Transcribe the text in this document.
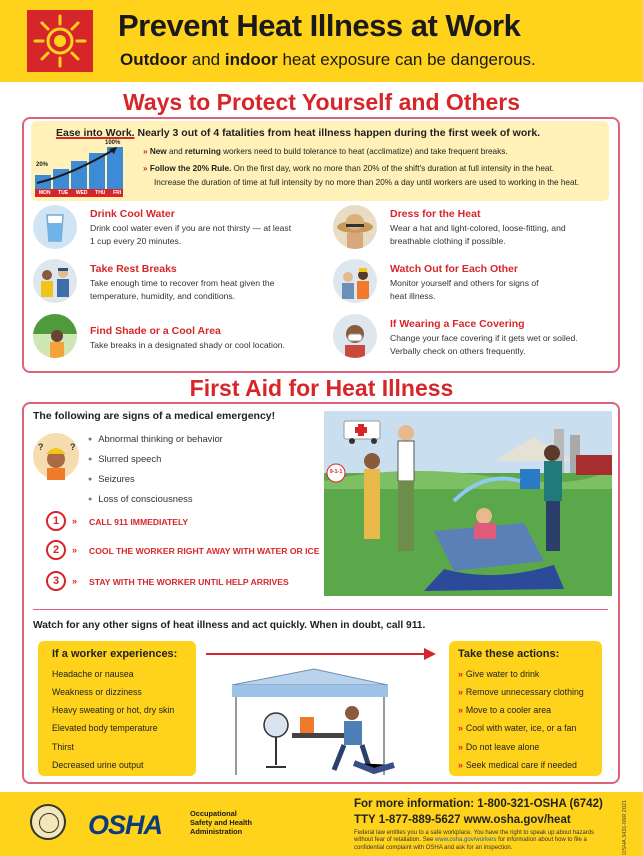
Prevent Heat Illness at Work
Outdoor and indoor heat exposure can be dangerous.
Ways to Protect Yourself and Others
Ease into Work. Nearly 3 out of 4 fatalities from heat illness happen during the first week of work.
20%
100%
MON TUE WED THU FRI
» New and returning workers need to build tolerance to heat (acclimatize) and take frequent breaks.
» Follow the 20% Rule. On the first day, work no more than 20% of the shift's duration at full intensity in the heat.
Increase the duration of time at full intensity by no more than 20% a day until workers are used to working in the heat.
Drink Cool Water
Drink cool water even if you are not thirsty — at least
1 cup every 20 minutes.
Dress for the Heat
Wear a hat and light-colored, loose-fitting, and
breathable clothing if possible.
Take Rest Breaks
Take enough time to recover from heat given the
temperature, humidity, and conditions.
Watch Out for Each Other
Monitor yourself and others for signs of
heat illness.
Find Shade or a Cool Area
Take breaks in a designated shady or cool location.
If Wearing a Face Covering
Change your face covering if it gets wet or soiled.
Verbally check on others frequently.
First Aid for Heat Illness
The following are signs of a medical emergency!
?	?
● Abnormal thinking or behavior
● Slurred speech
● Seizures
● Loss of consciousness
1	» CALL 911 IMMEDIATELY
2	» COOL THE WORKER RIGHT AWAY WITH WATER OR ICE
3	» STAY WITH THE WORKER UNTIL HELP ARRIVES
9-1-1
Watch for any other signs of heat illness and act quickly. When in doubt, call 911.
If a worker experiences:
Headache or nausea
Weakness or dizziness
Heavy sweating or hot, dry skin
Elevated body temperature
Thirst
Decreased urine output
Take these actions:
» Give water to drink
» Remove unnecessary clothing
» Move to a cooler area
» Cool with water, ice, or a fan
» Do not leave alone
» Seek medical care if needed
OSHA	Occupational
Safety and Health
Administration
For more information: 1-800-321-OSHA (6742)
TTY 1-877-889-5627 www.osha.gov/heat
Federal law entitles you to a safe workplace. You have the right to speak up about hazards without fear of retaliation. See www.osha.gov/workers for information about how to file a confidential complaint with OSHA and ask for an inspection.	OSHA 3431-06R 2021
